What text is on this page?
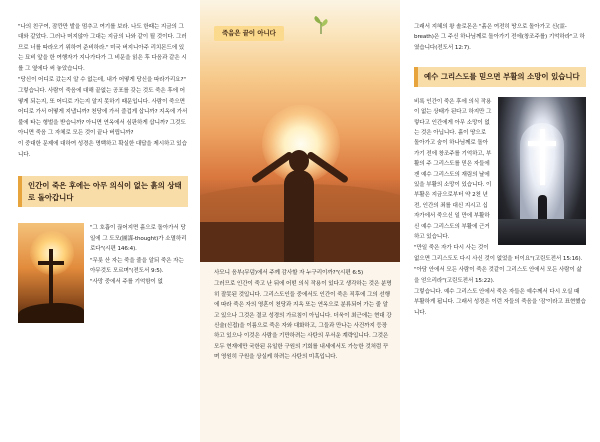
"나의 친구여, 잠깐만 발을 멈추고 여기를 보라. 나도 한때는 지금의 그대와 같았다. 그러나 머지않아 그대는 지금의 나와 같이 될 것이다. 그러므로 너를 따라오기 위하여 준비하라." 미국 버지니아주 리치몬드에 있는 묘비 앞을 한 여행자가 지나가다가 그 비문을 읽은 후 다음과 같은 시를 그 옆에다 써 놓았습니다.

"당신이 어디로 갔는지 알 수 없는데, 내가 어떻게 당신을 따라가리요?"

그렇습니다. 사람이 죽음에 대해 끝없는 공포를 갖는 것도 죽은 후에 어떻게 되는지, 또 어디로 가는지 알지 못하기 때문입니다. 사람이 죽으면 어디로 가서 어떻게 지냅니까? 천당에 가서 즐겁게 삽니까? 지옥에 가서 불에 타는 형벌을 받습니까? 아니면 연옥에서 심판하게 삽니까? 그것도 아니면 죽음 그 자체로 모든 것이 끝나 버립니까?

이 중대한 문제에 대하여 성경은 명백하고 확실한 대답을 제시하고 있습니다.

인간이 죽은 후에는 아무 의식이 없는 흙의 상태로 돌아갑니다

"그 호흡이 끊어지면 흙으로 돌아가서 당일에 그 도모(圖謀-thought)가 소멸하리로다"(시편 146:4).

"무릇 산 자는 죽을 줄을 알되 죽은 자는 아무것도 모르며"(전도서 9:5).

"사망 중에서 주를 기억함이 없

죽음은 끝이 아니다

사모니 음부(무덤)에서 주께 감사할 자 누구리이까?"(시편 6:5)

그러므로 인간이 죽고 난 뒤에 어떤 의식 작용이 있다고 생각하는 것은 분명히 잘못된 것입니다. 그리스도인들 중에서도 인간이 죽은 직후에 그의 선행에 따라 죽은 자의 영혼이 천당과 지옥 또는 연옥으로 분류되어 가는 줄 알고 있으나 그것은 결코 성경의 가르침이 아닙니다. 더욱이 최근에는 현대 강신술(신접)을 이름으로 죽은 자와 대화하고, 그들과 만나는 사건까지 등장하고 있으나 이것은 사람을 기만하려는 사탄의 무서운 계략입니다. 그것은 모두 현재에만 국한된 유일한 구원의 기회를 내세에서도 가능한 것처럼 꾸며 영원히 구원을 상실케 하려는 사탄의 미혹입니다.

그래서 지혜의 왕 솔로몬은 "흙은 여전히 땅으로 돌아가고 신(霊-breath)은 그 주신 하나님께로 돌아가기 전에(창조주를) 기억하라"고 하였습니다(전도서 12:7).

예수 그리스도를 믿으면 부활의 소망이 있습니다

비록 인간이 죽은 후에 의식 작용이 없는 상태가 된다고 하지만 그렇다고 인간에게 아무 소망이 없는 것은 아닙니다. 흙이 땅으로 돌아가고 숨이 하나님께로 돌아가기 전에 창조주를 기억하고, 부활의 주 그리스도를 믿은 자들에겐 예수 그리스도의 재림의 날에 있을 부활의 소망이 있습니다. 이 부활은 지금으로부터 약 2천 년 전, 인간의 죄를 대신 지시고 십자가에서 죽으신 일 만에 부활하신 예수 그리스도의 부활에 근거하고 있습니다.

"만일 죽은 자가 다시 사는 것이 없으면 그리스도도 다시 사신 것이 없었을 터이요"(고린도전서 15:16).

"아담 안에서 모든 사람이 죽은 것같이 그리스도 안에서 모든 사람이 삶을 얻으리라"(고린도전서 15:22).

그렇습니다. 예수 그리스도 안에서 죽은 자들은 예수께서 다시 오실 때 부활하게 됩니다. 그래서 성경은 이런 자들의 죽음을 '잠'이라고 표현했습니다.
